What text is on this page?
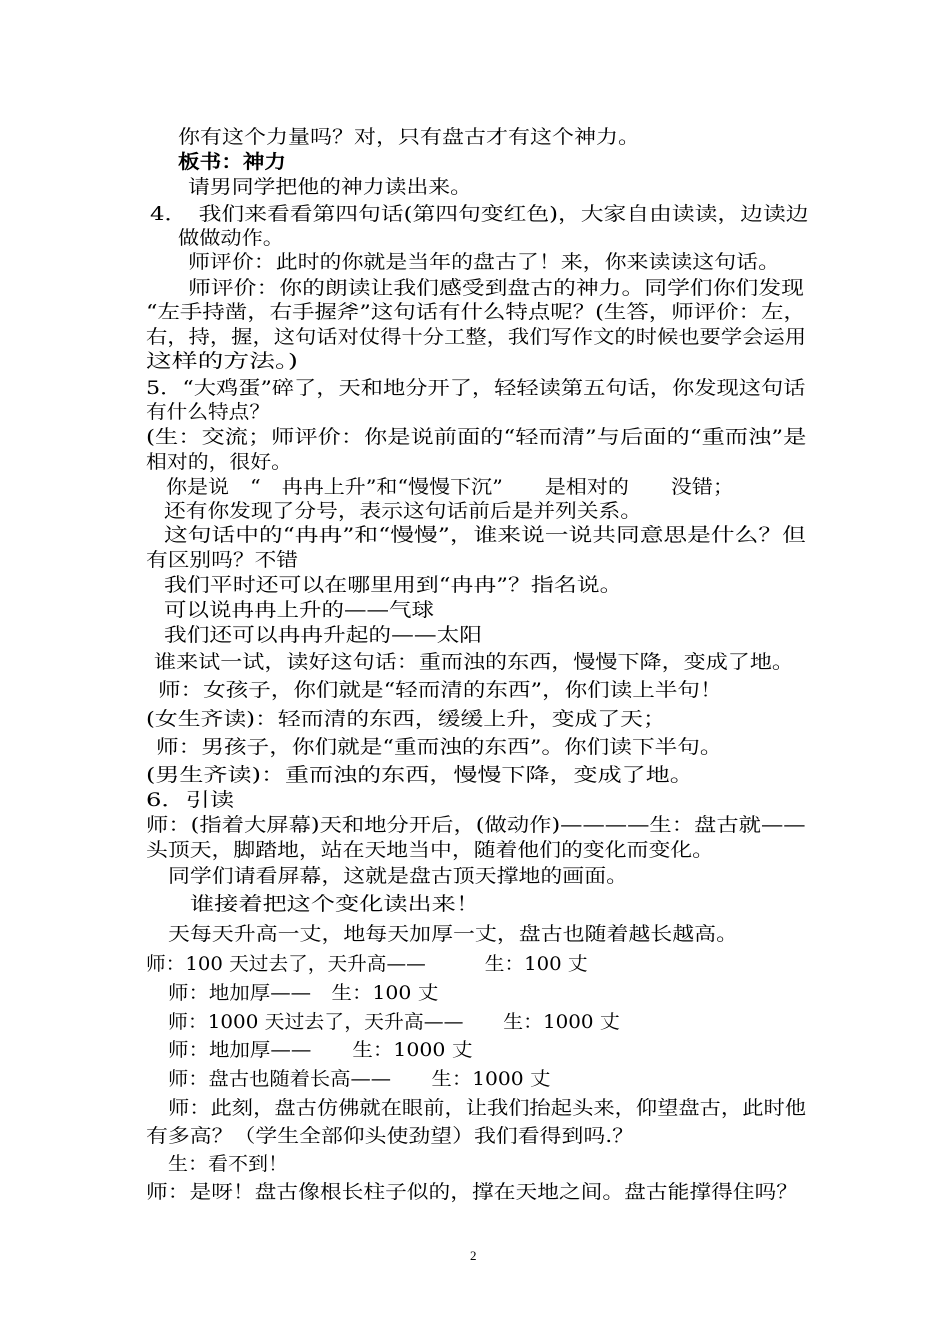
你有这个力量吗？对，只有盘古才有这个神力。
板书：神力
请男同学把他的神力读出来。
4．　我们来看看第四句话(第四句变红色)，大家自由读读，边读边
做做动作。
师评价：此时的你就是当年的盘古了！来，你来读读这句话。
师评价：你的朗读让我们感受到盘古的神力。同学们你们发现
“左手持凿，右手握斧”这句话有什么特点呢？(生答，师评价：左，
右，持，握，这句话对仗得十分工整，我们写作文的时候也要学会运用
这样的方法。)
5．“大鸡蛋”碎了，天和地分开了，轻轻读第五句话，你发现这句话
有什么特点？
(生：交流；师评价：你是说前面的“轻而清”与后面的“重而浊”是
相对的，很好。
你是说　“　冉冉上升”和“慢慢下沉”　　是相对的　　没错；
还有你发现了分号，表示这句话前后是并列关系。
这句话中的“冉冉”和“慢慢”，谁来说一说共同意思是什么？但
有区别吗？不错
我们平时还可以在哪里用到“冉冉”？指名说。
可以说冉冉上升的——气球
我们还可以冉冉升起的——太阳
谁来试一试，读好这句话：重而浊的东西，慢慢下降，变成了地。
师：女孩子，你们就是“轻而清的东西”，你们读上半句！
(女生齐读)：轻而清的东西，缓缓上升，变成了天；
师：男孩子，你们就是“重而浊的东西”。你们读下半句。
(男生齐读)：重而浊的东西，慢慢下降，变成了地。
6．引读
师：(指着大屏幕)天和地分开后，(做动作)————生：盘古就——
头顶天，脚踏地，站在天地当中，随着他们的变化而变化。
同学们请看屏幕，这就是盘古顶天撑地的画面。
谁接着把这个变化读出来！
天每天升高一丈，地每天加厚一丈，盘古也随着越长越高。
师：100 天过去了，天升高——　　　生：100 丈
师：地加厚——　生：100 丈
师：1000 天过去了，天升高——　　生：1000 丈
师：地加厚——　　生：1000 丈
师：盘古也随着长高——　　生：1000 丈
师：此刻，盘古仿佛就在眼前，让我们抬起头来，仰望盘古，此时他
有多高？（学生全部仰头使劲望）我们看得到吗.？
生：看不到！
师：是呀！盘古像根长柱子似的，撑在天地之间。盘古能撑得住吗？
2
